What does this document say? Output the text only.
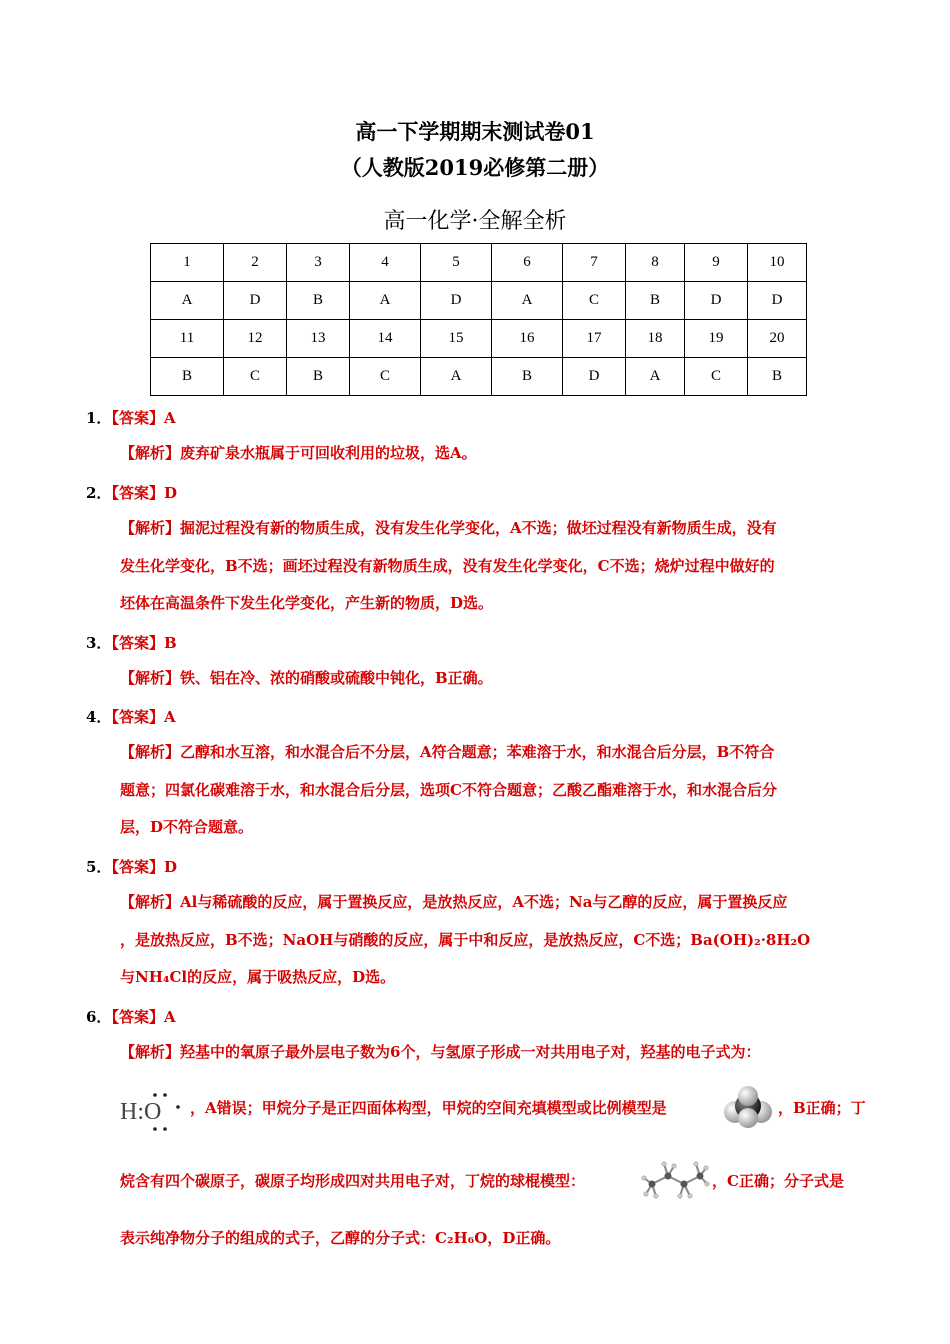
高一下学期期末测试卷01
（人教版2019必修第二册）
高一化学·全解全析
1	2	3	4	5	6	7	8	9	10
A	D	B	A	D	A	C	B	D	D
11	12	13	14	15	16	17	18	19	20
B	C	B	C	A	B	D	A	C	B
1．【答案】A
【解析】废弃矿泉水瓶属于可回收利用的垃圾，选A。
2．【答案】D
【解析】掘泥过程没有新的物质生成，没有发生化学变化，A不选；做坯过程没有新物质生成，没有
发生化学变化，B不选；画坯过程没有新物质生成，没有发生化学变化，C不选；烧炉过程中做好的
坯体在高温条件下发生化学变化，产生新的物质，D选。
3．【答案】B
【解析】铁、铝在冷、浓的硝酸或硫酸中钝化，B正确。
4．【答案】A
【解析】乙醇和水互溶，和水混合后不分层，A符合题意；苯难溶于水，和水混合后分层，B不符合
题意；四氯化碳难溶于水，和水混合后分层，选项C不符合题意；乙酸乙酯难溶于水，和水混合后分
层，D不符合题意。
5．【答案】D
【解析】Al与稀硫酸的反应，属于置换反应，是放热反应，A不选；Na与乙醇的反应，属于置换反应
，是放热反应，B不选；NaOH与硝酸的反应，属于中和反应，是放热反应，C不选；Ba(OH)₂·8H₂O
与NH₄Cl的反应，属于吸热反应，D选。
6．【答案】A
【解析】羟基中的氧原子最外层电子数为6个，与氢原子形成一对共用电子对，羟基的电子式为：
H:O ，A错误；甲烷分子是正四面体构型，甲烷的空间充填模型或比例模型是	，B正确；丁
烷含有四个碳原子，碳原子均形成四对共用电子对，丁烷的球棍模型：	，C正确；分子式是
表示纯净物分子的组成的式子，乙醇的分子式：C₂H₆O，D正确。
